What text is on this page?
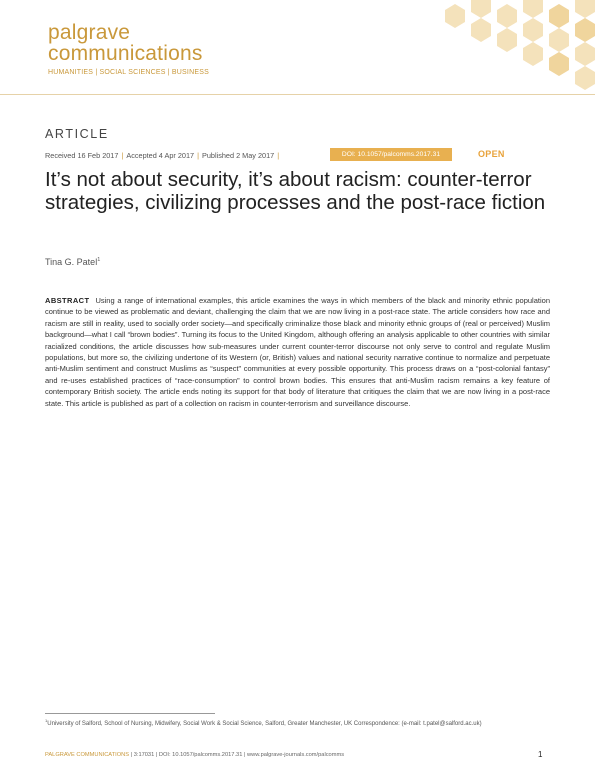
palgrave
communications
HUMANITIES | SOCIAL SCIENCES | BUSINESS
ARTICLE
Received 16 Feb 2017 | Accepted 4 Apr 2017 | Published 2 May 2017 |	DOI: 10.1057/palcomms.2017.31	OPEN
It’s not about security, it’s about racism: counter-terror strategies, civilizing processes and the post-race fiction
Tina G. Patel$^1$

ABSTRACT Using a range of international examples, this article examines the ways in which members of the black and minority ethnic population continue to be viewed as problematic and deviant, challenging the claim that we are now living in a post-race state. The article considers how race and racism are still in reality, used to socially order society—and specifically criminalize those black and minority ethnic groups of (real or perceived) Muslim background—what I call “brown bodies”. Turning its focus to the United Kingdom, although offering an analysis applicable to other countries with similar racialized conditions, the article discusses how sub-measures under current counter-terror discourse not only serve to control and regulate Muslim populations, but more so, the civilizing undertone of its Western (or, British) values and national security narrative continue to normalize and perpetuate anti-Muslim sentiment and construct Muslims as “suspect” communities at every possible opportunity. This process draws on a “post-colonial fantasy” and re-uses established practices of “race-consumption” to control brown bodies. This ensures that anti-Muslim racism remains a key feature of contemporary British society. The article ends noting its support for that body of literature that critiques the claim that we are now living in a post-race state. This article is published as part of a collection on racism in counter-terrorism and surveillance discourse.

$^1$University of Salford, School of Nursing, Midwifery, Social Work & Social Science, Salford, Greater Manchester, UK Correspondence: (e-mail: t.patel@salford.ac.uk)
PALGRAVE COMMUNICATIONS | 3:17031 | DOI: 10.1057/palcomms.2017.31 | www.palgrave-journals.com/palcomms	1
